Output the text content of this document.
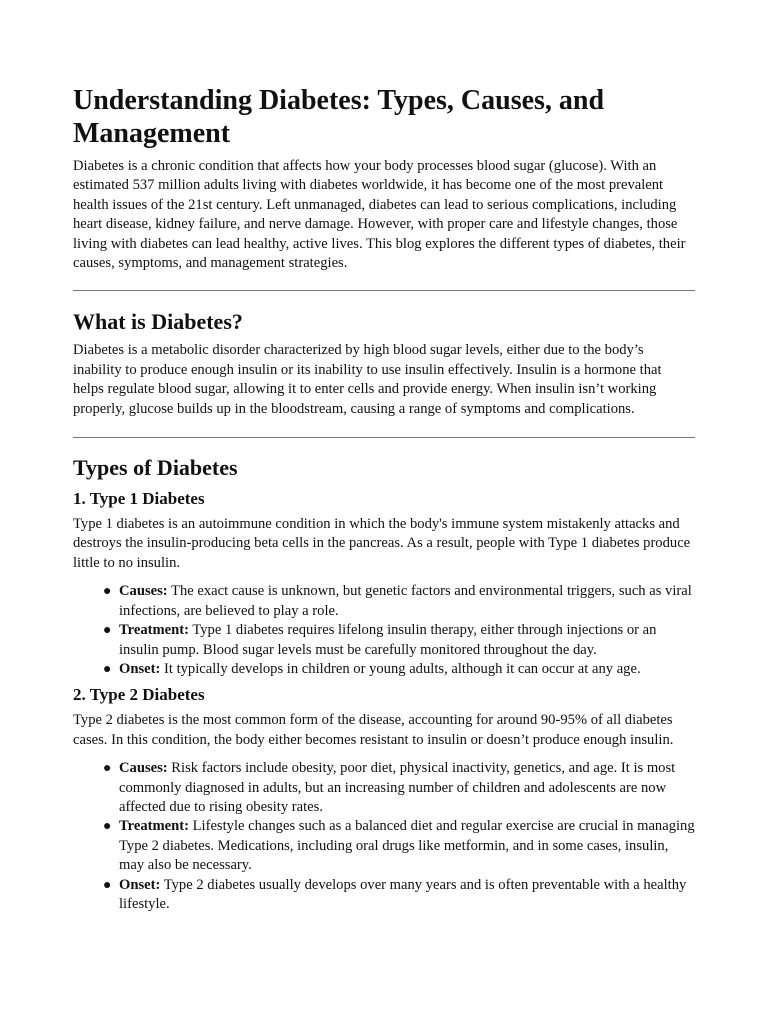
Understanding Diabetes: Types, Causes, and Management

Diabetes is a chronic condition that affects how your body processes blood sugar (glucose). With an estimated 537 million adults living with diabetes worldwide, it has become one of the most prevalent health issues of the 21st century. Left unmanaged, diabetes can lead to serious complications, including heart disease, kidney failure, and nerve damage. However, with proper care and lifestyle changes, those living with diabetes can lead healthy, active lives. This blog explores the different types of diabetes, their causes, symptoms, and management strategies.

What is Diabetes?

Diabetes is a metabolic disorder characterized by high blood sugar levels, either due to the body’s inability to produce enough insulin or its inability to use insulin effectively. Insulin is a hormone that helps regulate blood sugar, allowing it to enter cells and provide energy. When insulin isn’t working properly, glucose builds up in the bloodstream, causing a range of symptoms and complications.

Types of Diabetes
1. Type 1 Diabetes

Type 1 diabetes is an autoimmune condition in which the body's immune system mistakenly attacks and destroys the insulin-producing beta cells in the pancreas. As a result, people with Type 1 diabetes produce little to no insulin.

● Causes: The exact cause is unknown, but genetic factors and environmental triggers, such as viral infections, are believed to play a role.
● Treatment: Type 1 diabetes requires lifelong insulin therapy, either through injections or an insulin pump. Blood sugar levels must be carefully monitored throughout the day.
● Onset: It typically develops in children or young adults, although it can occur at any age.
2. Type 2 Diabetes

Type 2 diabetes is the most common form of the disease, accounting for around 90-95% of all diabetes cases. In this condition, the body either becomes resistant to insulin or doesn’t produce enough insulin.

● Causes: Risk factors include obesity, poor diet, physical inactivity, genetics, and age. It is most commonly diagnosed in adults, but an increasing number of children and adolescents are now affected due to rising obesity rates.
● Treatment: Lifestyle changes such as a balanced diet and regular exercise are crucial in managing Type 2 diabetes. Medications, including oral drugs like metformin, and in some cases, insulin, may also be necessary.
● Onset: Type 2 diabetes usually develops over many years and is often preventable with a healthy lifestyle.
